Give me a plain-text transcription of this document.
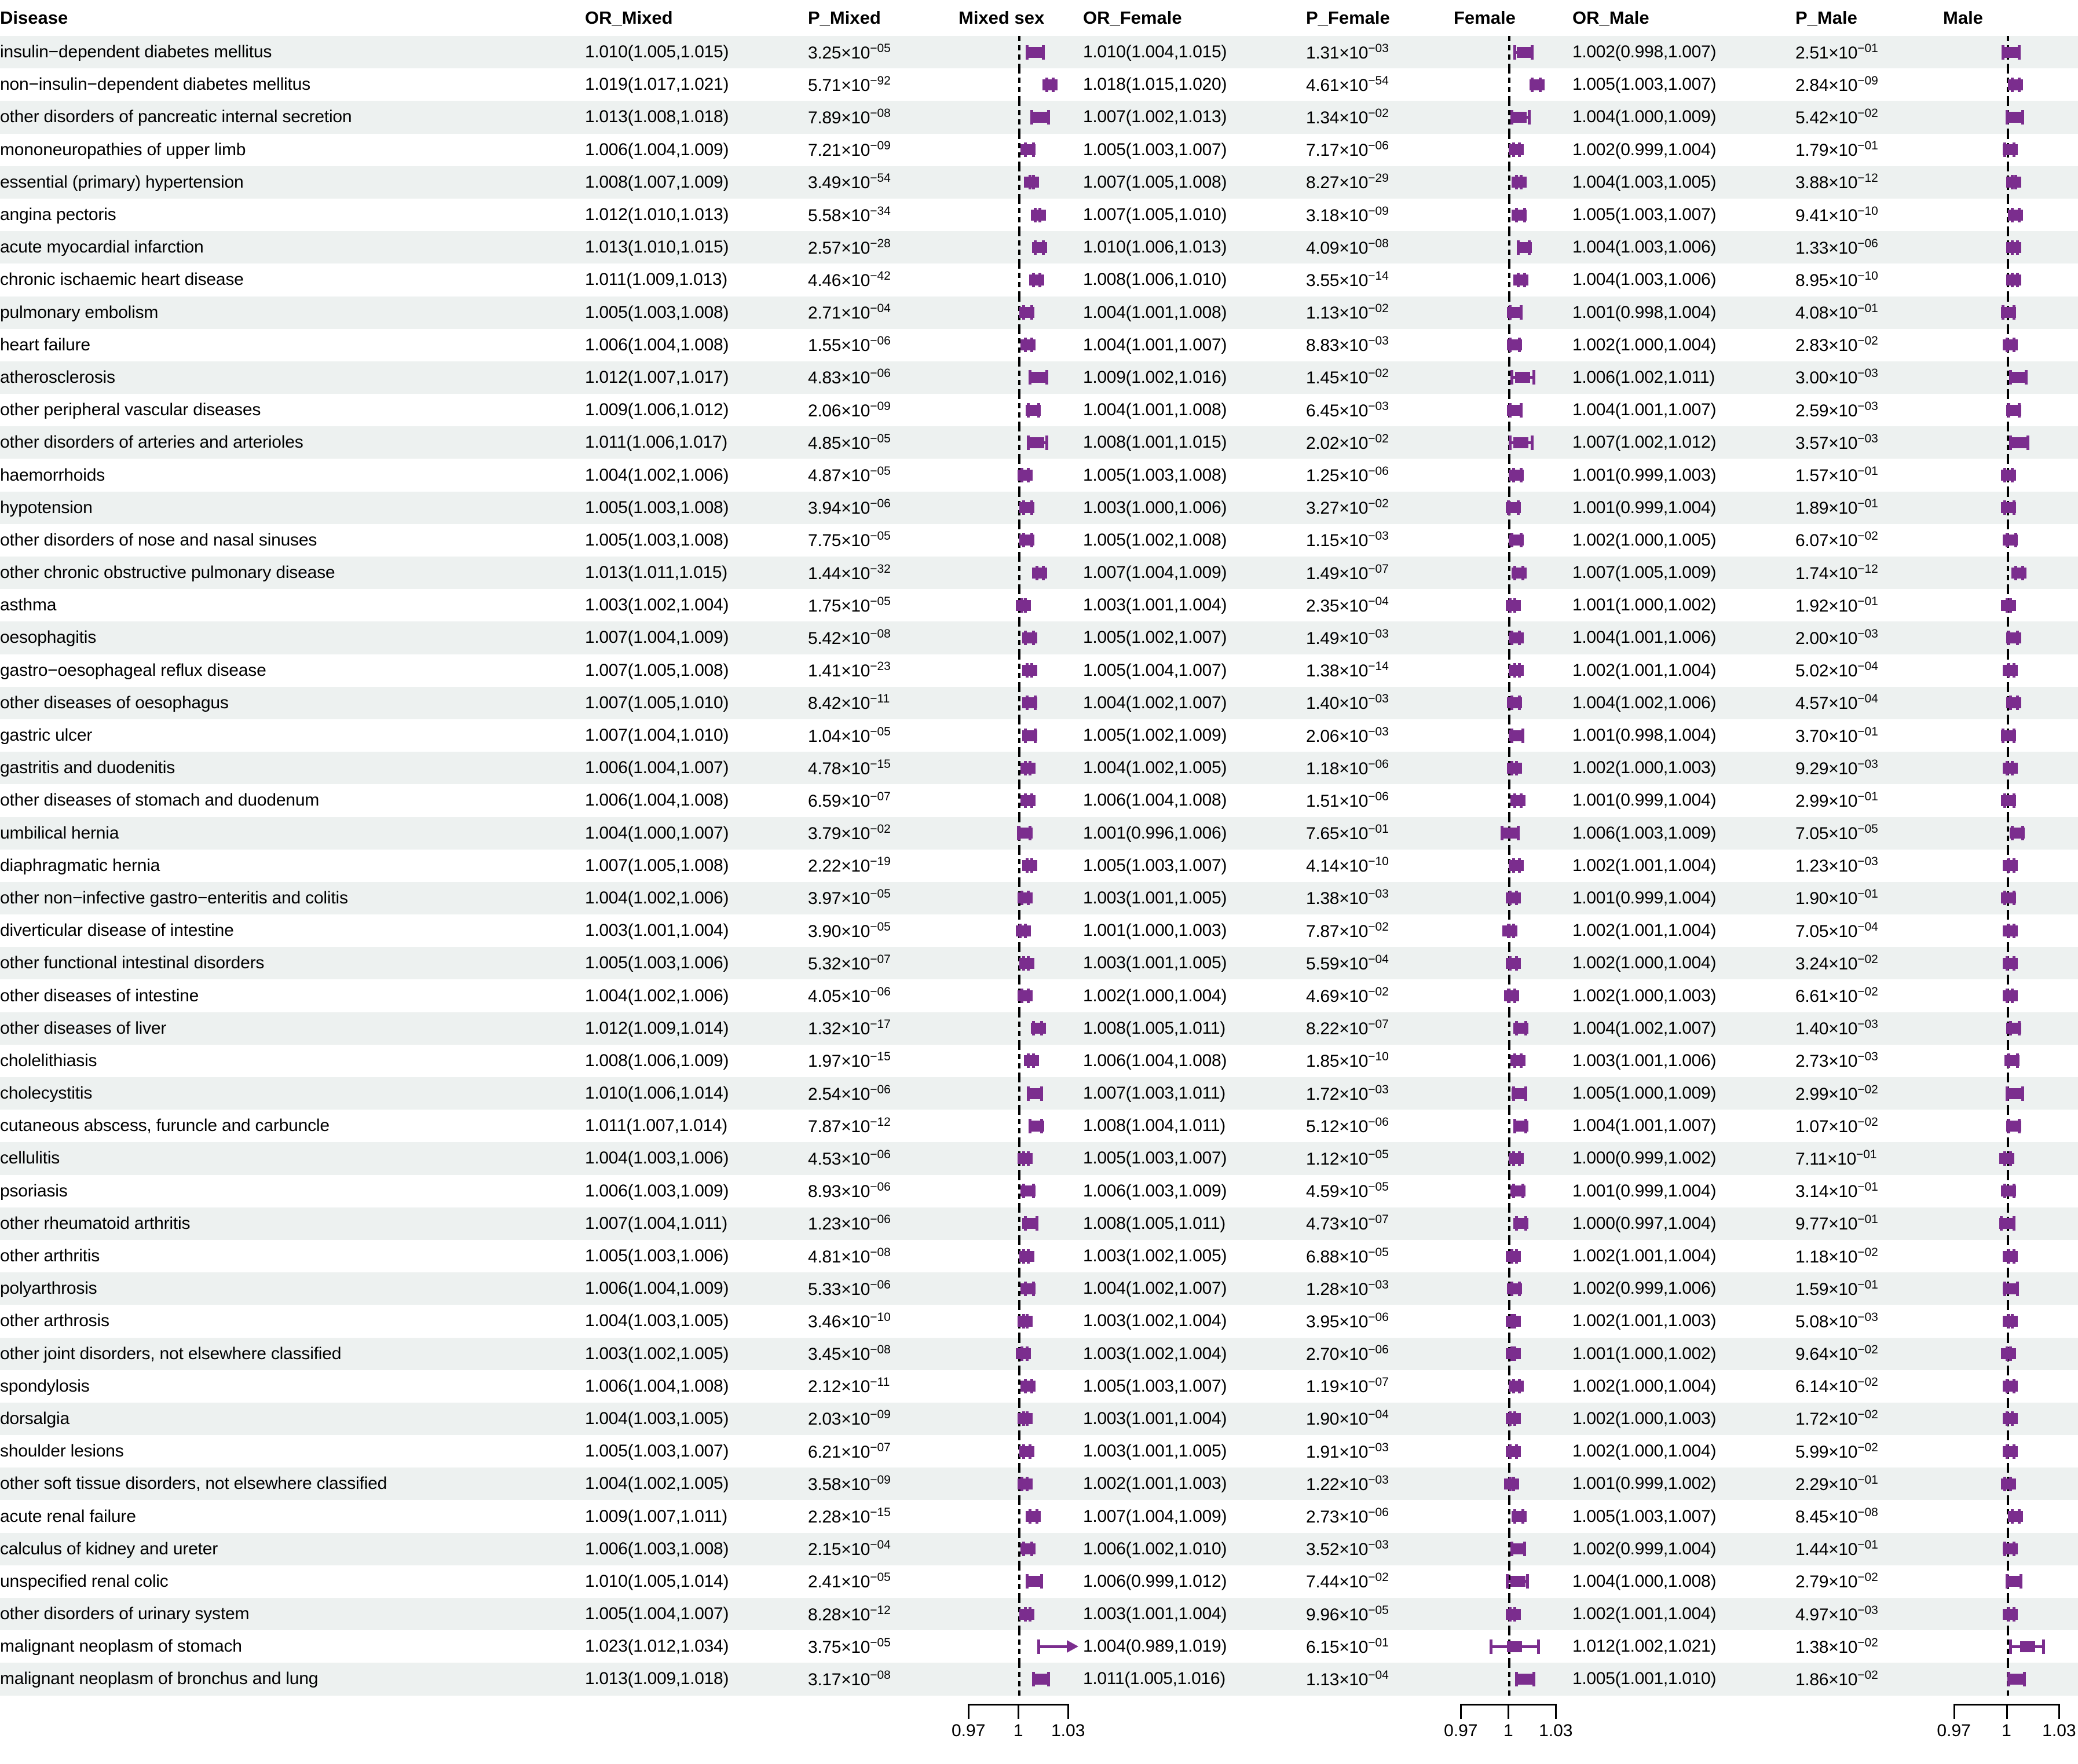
Disease	OR_Mixed	P_Mixed	Mixed sex	OR_Female	P_Female	Female	OR_Male	P_Male	Male
insulin−dependent diabetes mellitus	1.010(1.005,1.015)	$3.25\times 10^{-05}$		1.010(1.004,1.015)	$1.31\times 10^{-03}$		1.002(0.998,1.007)	$2.51\times 10^{-01}$	

non−insulin−dependent diabetes mellitus	1.019(1.017,1.021)	$5.71\times 10^{-92}$		1.018(1.015,1.020)	$4.61\times 10^{-54}$		1.005(1.003,1.007)	$2.84\times 10^{-09}$	

other disorders of pancreatic internal secretion	1.013(1.008,1.018)	$7.89\times 10^{-08}$		1.007(1.002,1.013)	$1.34\times 10^{-02}$		1.004(1.000,1.009)	$5.42\times 10^{-02}$	

mononeuropathies of upper limb	1.006(1.004,1.009)	$7.21\times 10^{-09}$		1.005(1.003,1.007)	$7.17\times 10^{-06}$		1.002(0.999,1.004)	$1.79\times 10^{-01}$	

essential (primary) hypertension	1.008(1.007,1.009)	$3.49\times 10^{-54}$		1.007(1.005,1.008)	$8.27\times 10^{-29}$		1.004(1.003,1.005)	$3.88\times 10^{-12}$	

angina pectoris	1.012(1.010,1.013)	$5.58\times 10^{-34}$		1.007(1.005,1.010)	$3.18\times 10^{-09}$		1.005(1.003,1.007)	$9.41\times 10^{-10}$	

acute myocardial infarction	1.013(1.010,1.015)	$2.57\times 10^{-28}$		1.010(1.006,1.013)	$4.09\times 10^{-08}$		1.004(1.003,1.006)	$1.33\times 10^{-06}$	

chronic ischaemic heart disease	1.011(1.009,1.013)	$4.46\times 10^{-42}$		1.008(1.006,1.010)	$3.55\times 10^{-14}$		1.004(1.003,1.006)	$8.95\times 10^{-10}$	

pulmonary embolism	1.005(1.003,1.008)	$2.71\times 10^{-04}$		1.004(1.001,1.008)	$1.13\times 10^{-02}$		1.001(0.998,1.004)	$4.08\times 10^{-01}$	

heart failure	1.006(1.004,1.008)	$1.55\times 10^{-06}$		1.004(1.001,1.007)	$8.83\times 10^{-03}$		1.002(1.000,1.004)	$2.83\times 10^{-02}$	

atherosclerosis	1.012(1.007,1.017)	$4.83\times 10^{-06}$		1.009(1.002,1.016)	$1.45\times 10^{-02}$		1.006(1.002,1.011)	$3.00\times 10^{-03}$	

other peripheral vascular diseases	1.009(1.006,1.012)	$2.06\times 10^{-09}$		1.004(1.001,1.008)	$6.45\times 10^{-03}$		1.004(1.001,1.007)	$2.59\times 10^{-03}$	

other disorders of arteries and arterioles	1.011(1.006,1.017)	$4.85\times 10^{-05}$		1.008(1.001,1.015)	$2.02\times 10^{-02}$		1.007(1.002,1.012)	$3.57\times 10^{-03}$	

haemorrhoids	1.004(1.002,1.006)	$4.87\times 10^{-05}$		1.005(1.003,1.008)	$1.25\times 10^{-06}$		1.001(0.999,1.003)	$1.57\times 10^{-01}$	

hypotension	1.005(1.003,1.008)	$3.94\times 10^{-06}$		1.003(1.000,1.006)	$3.27\times 10^{-02}$		1.001(0.999,1.004)	$1.89\times 10^{-01}$	

other disorders of nose and nasal sinuses	1.005(1.003,1.008)	$7.75\times 10^{-05}$		1.005(1.002,1.008)	$1.15\times 10^{-03}$		1.002(1.000,1.005)	$6.07\times 10^{-02}$	

other chronic obstructive pulmonary disease	1.013(1.011,1.015)	$1.44\times 10^{-32}$		1.007(1.004,1.009)	$1.49\times 10^{-07}$		1.007(1.005,1.009)	$1.74\times 10^{-12}$	

asthma	1.003(1.002,1.004)	$1.75\times 10^{-05}$		1.003(1.001,1.004)	$2.35\times 10^{-04}$		1.001(1.000,1.002)	$1.92\times 10^{-01}$	

oesophagitis	1.007(1.004,1.009)	$5.42\times 10^{-08}$		1.005(1.002,1.007)	$1.49\times 10^{-03}$		1.004(1.001,1.006)	$2.00\times 10^{-03}$	

gastro−oesophageal reflux disease	1.007(1.005,1.008)	$1.41\times 10^{-23}$		1.005(1.004,1.007)	$1.38\times 10^{-14}$		1.002(1.001,1.004)	$5.02\times 10^{-04}$	

other diseases of oesophagus	1.007(1.005,1.010)	$8.42\times 10^{-11}$		1.004(1.002,1.007)	$1.40\times 10^{-03}$		1.004(1.002,1.006)	$4.57\times 10^{-04}$	

gastric ulcer	1.007(1.004,1.010)	$1.04\times 10^{-05}$		1.005(1.002,1.009)	$2.06\times 10^{-03}$		1.001(0.998,1.004)	$3.70\times 10^{-01}$	

gastritis and duodenitis	1.006(1.004,1.007)	$4.78\times 10^{-15}$		1.004(1.002,1.005)	$1.18\times 10^{-06}$		1.002(1.000,1.003)	$9.29\times 10^{-03}$	

other diseases of stomach and duodenum	1.006(1.004,1.008)	$6.59\times 10^{-07}$		1.006(1.004,1.008)	$1.51\times 10^{-06}$		1.001(0.999,1.004)	$2.99\times 10^{-01}$	

umbilical hernia	1.004(1.000,1.007)	$3.79\times 10^{-02}$		1.001(0.996,1.006)	$7.65\times 10^{-01}$		1.006(1.003,1.009)	$7.05\times 10^{-05}$	

diaphragmatic hernia	1.007(1.005,1.008)	$2.22\times 10^{-19}$		1.005(1.003,1.007)	$4.14\times 10^{-10}$		1.002(1.001,1.004)	$1.23\times 10^{-03}$	

other non−infective gastro−enteritis and colitis	1.004(1.002,1.006)	$3.97\times 10^{-05}$		1.003(1.001,1.005)	$1.38\times 10^{-03}$		1.001(0.999,1.004)	$1.90\times 10^{-01}$	

diverticular disease of intestine	1.003(1.001,1.004)	$3.90\times 10^{-05}$		1.001(1.000,1.003)	$7.87\times 10^{-02}$		1.002(1.001,1.004)	$7.05\times 10^{-04}$	

other functional intestinal disorders	1.005(1.003,1.006)	$5.32\times 10^{-07}$		1.003(1.001,1.005)	$5.59\times 10^{-04}$		1.002(1.000,1.004)	$3.24\times 10^{-02}$	

other diseases of intestine	1.004(1.002,1.006)	$4.05\times 10^{-06}$		1.002(1.000,1.004)	$4.69\times 10^{-02}$		1.002(1.000,1.003)	$6.61\times 10^{-02}$	

other diseases of liver	1.012(1.009,1.014)	$1.32\times 10^{-17}$		1.008(1.005,1.011)	$8.22\times 10^{-07}$		1.004(1.002,1.007)	$1.40\times 10^{-03}$	

cholelithiasis	1.008(1.006,1.009)	$1.97\times 10^{-15}$		1.006(1.004,1.008)	$1.85\times 10^{-10}$		1.003(1.001,1.006)	$2.73\times 10^{-03}$	

cholecystitis	1.010(1.006,1.014)	$2.54\times 10^{-06}$		1.007(1.003,1.011)	$1.72\times 10^{-03}$		1.005(1.000,1.009)	$2.99\times 10^{-02}$	

cutaneous abscess, furuncle and carbuncle	1.011(1.007,1.014)	$7.87\times 10^{-12}$		1.008(1.004,1.011)	$5.12\times 10^{-06}$		1.004(1.001,1.007)	$1.07\times 10^{-02}$	

cellulitis	1.004(1.003,1.006)	$4.53\times 10^{-06}$		1.005(1.003,1.007)	$1.12\times 10^{-05}$		1.000(0.999,1.002)	$7.11\times 10^{-01}$	

psoriasis	1.006(1.003,1.009)	$8.93\times 10^{-06}$		1.006(1.003,1.009)	$4.59\times 10^{-05}$		1.001(0.999,1.004)	$3.14\times 10^{-01}$	

other rheumatoid arthritis	1.007(1.004,1.011)	$1.23\times 10^{-06}$		1.008(1.005,1.011)	$4.73\times 10^{-07}$		1.000(0.997,1.004)	$9.77\times 10^{-01}$	

other arthritis	1.005(1.003,1.006)	$4.81\times 10^{-08}$		1.003(1.002,1.005)	$6.88\times 10^{-05}$		1.002(1.001,1.004)	$1.18\times 10^{-02}$	

polyarthrosis	1.006(1.004,1.009)	$5.33\times 10^{-06}$		1.004(1.002,1.007)	$1.28\times 10^{-03}$		1.002(0.999,1.006)	$1.59\times 10^{-01}$	

other arthrosis	1.004(1.003,1.005)	$3.46\times 10^{-10}$		1.003(1.002,1.004)	$3.95\times 10^{-06}$		1.002(1.001,1.003)	$5.08\times 10^{-03}$	

other joint disorders, not elsewhere classified	1.003(1.002,1.005)	$3.45\times 10^{-08}$		1.003(1.002,1.004)	$2.70\times 10^{-06}$		1.001(1.000,1.002)	$9.64\times 10^{-02}$	

spondylosis	1.006(1.004,1.008)	$2.12\times 10^{-11}$		1.005(1.003,1.007)	$1.19\times 10^{-07}$		1.002(1.000,1.004)	$6.14\times 10^{-02}$	

dorsalgia	1.004(1.003,1.005)	$2.03\times 10^{-09}$		1.003(1.001,1.004)	$1.90\times 10^{-04}$		1.002(1.000,1.003)	$1.72\times 10^{-02}$	

shoulder lesions	1.005(1.003,1.007)	$6.21\times 10^{-07}$		1.003(1.001,1.005)	$1.91\times 10^{-03}$		1.002(1.000,1.004)	$5.99\times 10^{-02}$	

other soft tissue disorders, not elsewhere classified	1.004(1.002,1.005)	$3.58\times 10^{-09}$		1.002(1.001,1.003)	$1.22\times 10^{-03}$		1.001(0.999,1.002)	$2.29\times 10^{-01}$	

acute renal failure	1.009(1.007,1.011)	$2.28\times 10^{-15}$		1.007(1.004,1.009)	$2.73\times 10^{-06}$		1.005(1.003,1.007)	$8.45\times 10^{-08}$	

calculus of kidney and ureter	1.006(1.003,1.008)	$2.15\times 10^{-04}$		1.006(1.002,1.010)	$3.52\times 10^{-03}$		1.002(0.999,1.004)	$1.44\times 10^{-01}$	

unspecified renal colic	1.010(1.005,1.014)	$2.41\times 10^{-05}$		1.006(0.999,1.012)	$7.44\times 10^{-02}$		1.004(1.000,1.008)	$2.79\times 10^{-02}$	

other disorders of urinary system	1.005(1.004,1.007)	$8.28\times 10^{-12}$		1.003(1.001,1.004)	$9.96\times 10^{-05}$		1.002(1.001,1.004)	$4.97\times 10^{-03}$	

malignant neoplasm of stomach	1.023(1.012,1.034)	$3.75\times 10^{-05}$		1.004(0.989,1.019)	$6.15\times 10^{-01}$		1.012(1.002,1.021)	$1.38\times 10^{-02}$	

malignant neoplasm of bronchus and lung	1.013(1.009,1.018)	$3.17\times 10^{-08}$		1.011(1.005,1.016)	$1.13\times 10^{-04}$		1.005(1.001,1.010)	$1.86\times 10^{-02}$	

0.97 1 1.03			0.97 1 1.03			0.97 1 1.03
